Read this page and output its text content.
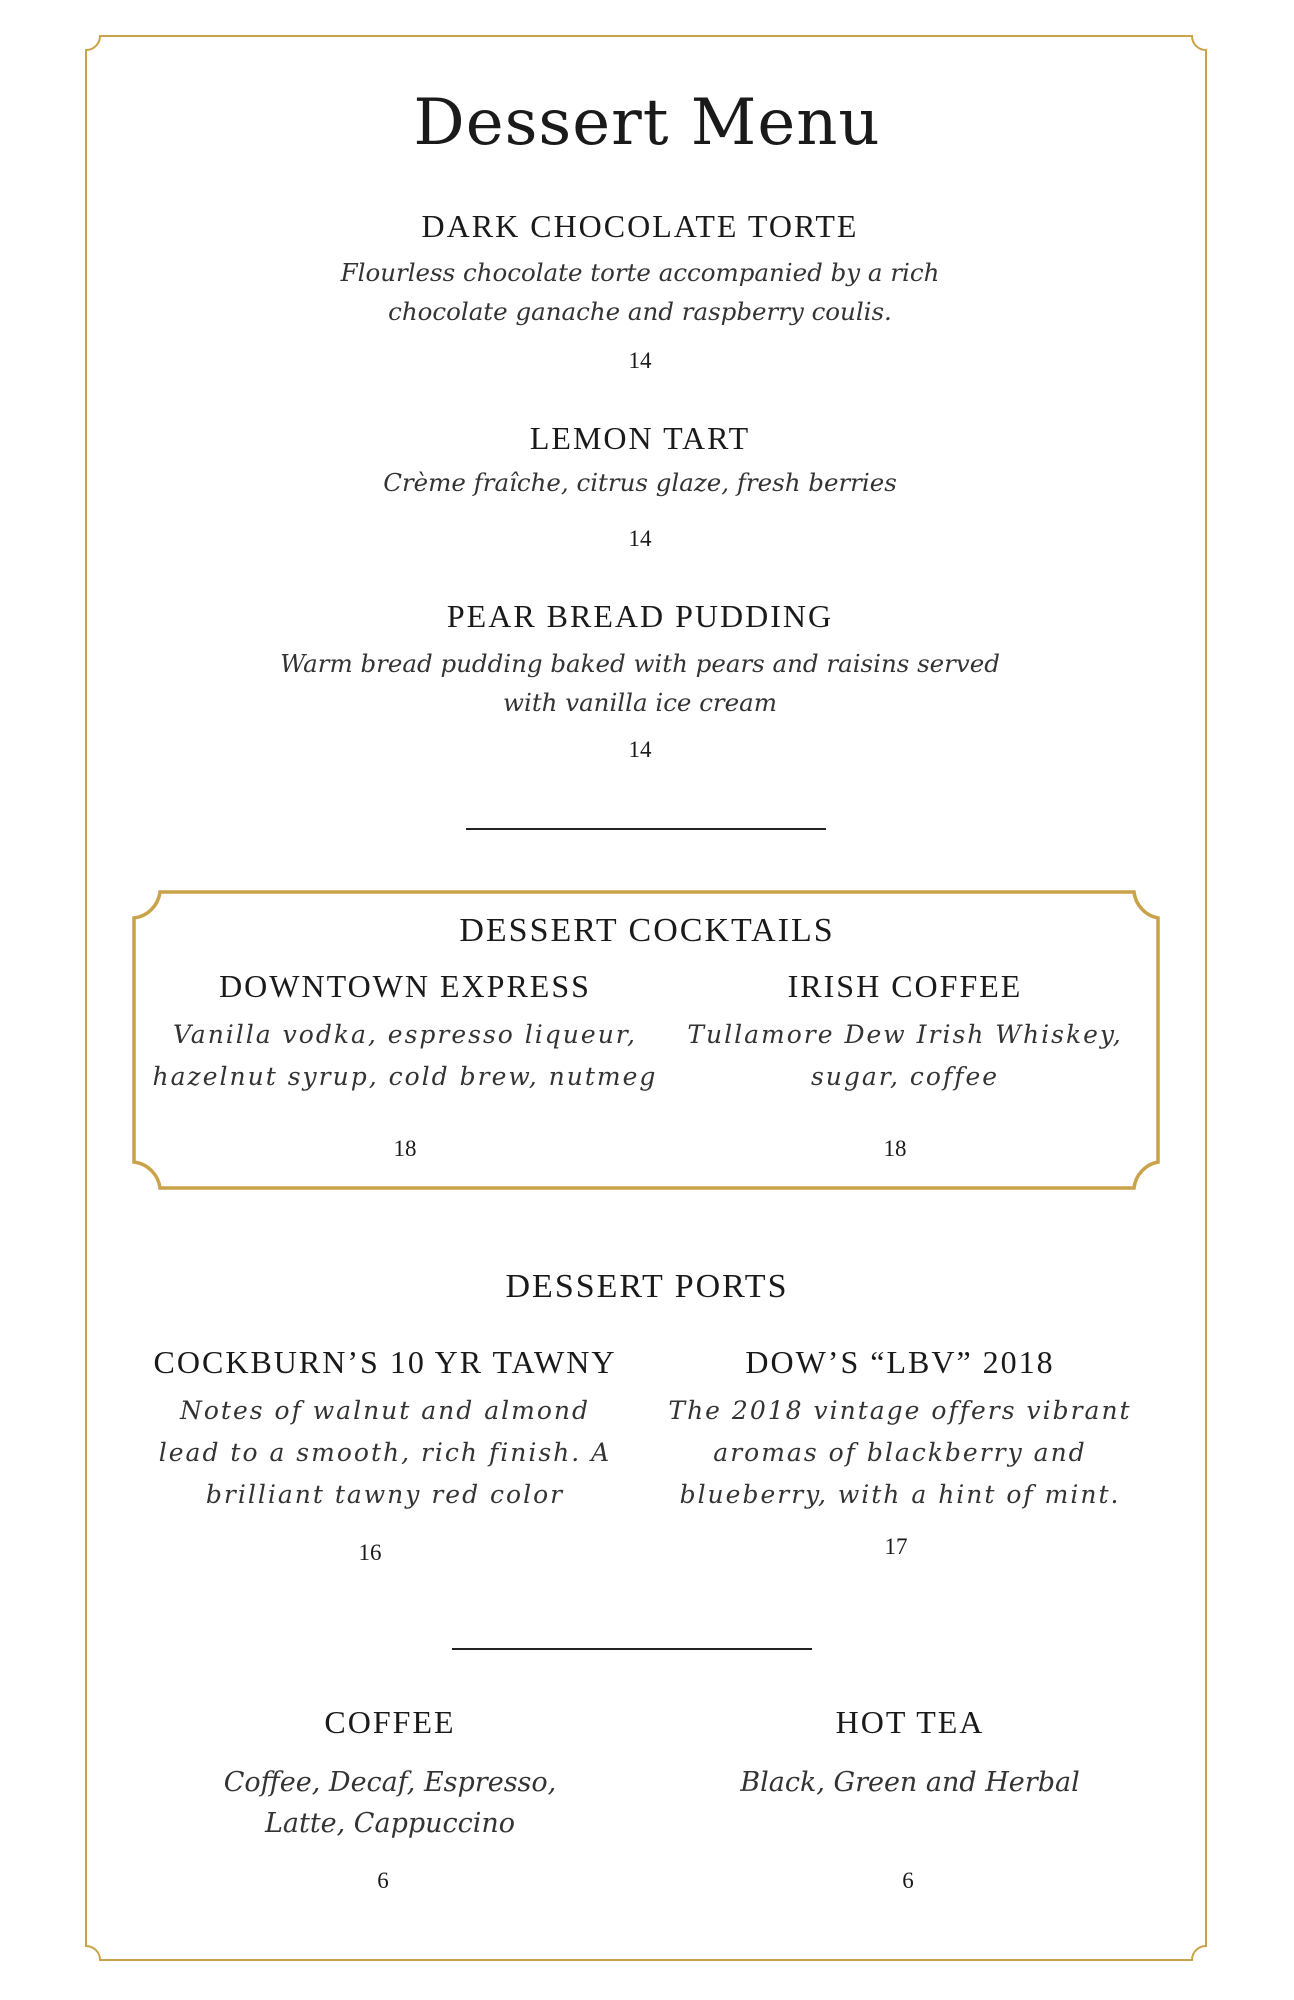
Dessert Menu
DARK CHOCOLATE TORTE
Flourless chocolate torte accompanied by a rich
chocolate ganache and raspberry coulis.
14
LEMON TART
Crème fraîche, citrus glaze, fresh berries
14
PEAR BREAD PUDDING
Warm bread pudding baked with pears and raisins served
with vanilla ice cream
14
DESSERT COCKTAILS
DOWNTOWN EXPRESS
Vanilla vodka, espresso liqueur,
hazelnut syrup, cold brew, nutmeg
18
IRISH COFFEE
Tullamore Dew Irish Whiskey,
sugar, coffee
18
DESSERT PORTS
COCKBURN’S 10 YR TAWNY
Notes of walnut and almond
lead to a smooth, rich finish. A
brilliant tawny red color
16
DOW’S “LBV” 2018
The 2018 vintage offers vibrant
aromas of blackberry and
blueberry, with a hint of mint.
17
COFFEE
Coffee, Decaf, Espresso,
Latte, Cappuccino
6
HOT TEA
Black, Green and Herbal
6
